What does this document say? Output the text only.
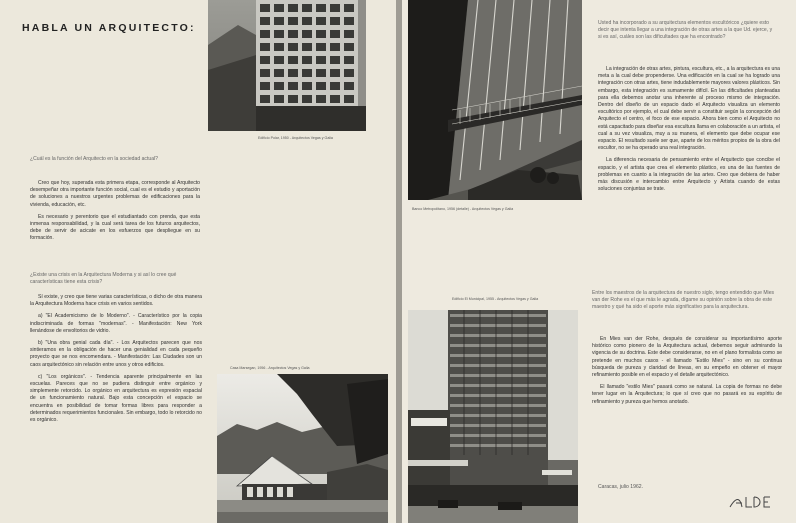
HABLA UN ARQUITECTO:
Edificio Polar, 1950 - Arquitectos Vegas y Galia
¿Cuál es la función del Arquitecto en la sociedad actual?

Creo que hoy, superada esta primera etapa, corresponde al Arquitecto desempeñar otra importante función social, cual es el estudio y aportación de soluciones a nuestros urgentes problemas de edificaciones para la vivienda, educación, etc.

Es necesario y perentorio que el estudiantado con prenda, que esta inmensa responsabilidad, y la cual será tarea de los futuros arquitectos, debe de servir de acicate en los esfuerzos que despliegue en su formación.

¿Existe una crisis en la Arquitectura Moderna y si así lo cree qué características tiene esta crisis?

Sí existe, y creo que tiene varias características, o dicho de otra manera la Arquitectura Moderna hace crisis en varios sentidos.

a) "El Academicismo de lo Moderno". - Característico por la copia indiscriminada de formas "modernas". - Manifestación: New York llenándose de envoltorios de vidrio.

b) "Una obra genial cada día". - Los Arquitectos parecen que nos sintieramos en la obligación de hacer una genialidad en cada pequeño proyecto que se nos encomendara. - Manifestación: Las Ciudades son un caos arquitectónico sin relación entre unos y otros edificios.

c) "Los orgánicos". - Tendencia aparente principalmente en las escuelas. Pareces que no se pudiera distinguir entre orgánico y simplemente retorcido. Lo orgánico en arquitectura es expresión espacial de un funcionamiento natural. Bajo esta concepción el espacio se encuentra en posibilidad de tomar formas libres para responder a determinados requerimientos funcionales. Sin embargo, todo lo retorcido no es orgánico.

Casa Marsegan, 1956 - Arquitectos Vegas y Galia
Banco Metropolitano, 1956 (detalle) - Arquitectos Vegas y Galia
Usted ha incorporado a su arquitectura elementos escultóricos ¿quiere esto decir que intenta llegar a una integración de otras artes a la que Ud. ejerce, y si es así, cuáles son las dificultades que ha encontrado?

La integración de otras artes, pintura, escultura, etc., a la arquitectura es una meta a la cual debe propenderse. Una edificación en la cual se ha logrado una integración con otras artes, tiene indudablemente mayores valores plásticos. Sin embargo, esta integración es sumamente difícil. En las dificultades planteadas para ella debemos anotar una inherente al proceso mismo de integración. Dentro del diseño de un espacio dado el Arquitecto visualiza un elemento escultórico por ejemplo, el cual debe servir a constituir según la concepción del Arquitecto el centro, el foco de ese espacio. Ahora bien como el Arquitecto no está capacitado para diseñar esa escultura llama en colaboración a un artista, el cual a su vez visualiza, muy a su manera, el elemento que debe ocupar ese espacio. El resultado suele ser que, aparte de los méritos propios de la obra del escultor, no se ha operado una real integración.

La diferencia necesaria de pensamiento entre el Arquitecto que concibe el espacio, y el artista que crea el elemento plástico, es una de las fuentes de problemas en cuanto a la integración de las artes. Creo que debiera de haber más discusión e intercambio entre Arquitecto y Artista cuando de estas soluciones conjuntas se trate.

Edificio El Municipal, 1955 - Arquitectos Vegas y Galia
Entre los maestros de la arquitectura de nuestro siglo, tengo entendido que Mies van der Rohe es el que más le agrada, dígame su opinión sobre la obra de este maestro y qué ha sido el aporte más significativo para la arquitectura.

En Mies van der Rohe, después de considerar su importantísimo aporte histórico como pionero de la Arquitectura actual, debemos seguir admirando la vigencia de su doctrina. Este debe considerarse, no en el plano formalista como se pretende en muchos casos - el llamado "Estilo Mies" - sino en su continua búsqueda de pureza y claridad de líneas, en su empeño en obtener el mayor refinamiento posible en el espacio y el detalle arquitectónico.

El llamado "estilo Mies" pasará como se natural. La copia de formas no debe tener lugar en la Arquitectura; lo que sí creo que no pasará es su espíritu de refinamiento y pureza que hemos anotado.

Caracas, julio 1962.
